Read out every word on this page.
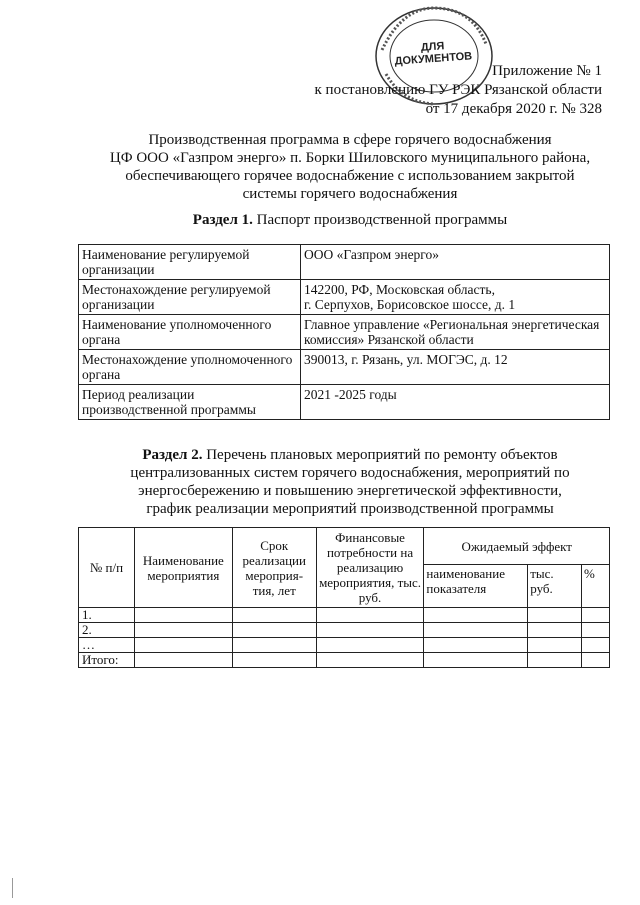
ДЛЯ
ДОКУМЕНТОВ
Приложение № 1
к постановлению ГУ РЭК Рязанской области
от 17 декабря 2020 г. № 328
Производственная программа в сфере горячего водоснабжения
ЦФ ООО «Газпром энерго» п. Борки Шиловского муниципального района,
обеспечивающего горячее водоснабжение с использованием закрытой
системы горячего водоснабжения
Раздел 1. Паспорт производственной программы
Наименование регулируемой организации	ООО «Газпром энерго»
Местонахождение регулируемой организации	142200, РФ, Московская область,
г. Серпухов, Борисовское шоссе, д. 1

Наименование уполномоченного органа	Главное управление «Региональная энергетическая комиссия» Рязанской области
Местонахождение уполномоченного органа	390013, г. Рязань, ул. МОГЭС, д. 12
Период реализации производственной программы	2021 -2025 годы
Раздел 2. Перечень плановых мероприятий по ремонту объектов
централизованных систем горячего водоснабжения, мероприятий по
энергосбережению и повышению энергетической эффективности,
график реализации мероприятий производственной программы
№ п/п	Наименование мероприятия	Срок реализации мероприя-тия, лет	Финансовые потребности на реализацию мероприятия, тыс. руб.	Ожидаемый эффект		
				наименование показателя	тыс. руб.	%
1.						
2.						
…						
Итого:						
